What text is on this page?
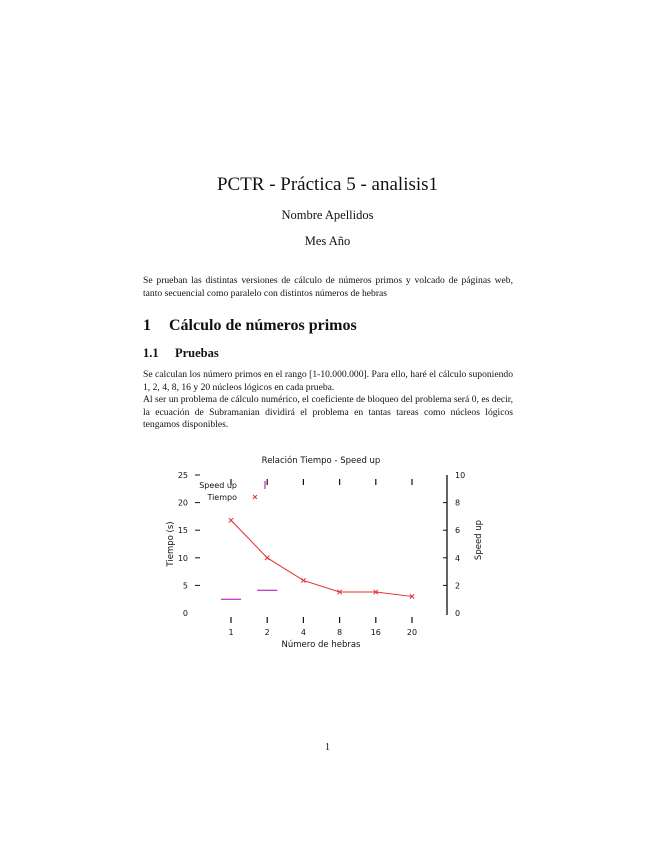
PCTR - Práctica 5 - analisis1
Nombre Apellidos
Mes Año
Se prueban las distintas versiones de cálculo de números primos y volcado de páginas web, tanto secuencial como paralelo con distintos números de hebras
1 Cálculo de números primos
1.1 Pruebas

Se calculan los número primos en el rango [1-10.000.000]. Para ello, haré el cálculo suponiendo 1, 2, 4, 8, 16 y 20 núcleos lógicos en cada prueba.

Al ser un problema de cálculo numérico, el coeficiente de bloqueo del problema será 0, es decir, la ecuación de Subramanian dividirá el problema en tantas tareas como núcleos lógicos tengamos disponibles.

Relación Tiempo - Speed up
0
5
10
15
20
25
0
2
4
6
8
10
1	2	4	8	16	20
Número de hebras
Tiempo (s)	Speed up
Speed up
Tiempo
1
